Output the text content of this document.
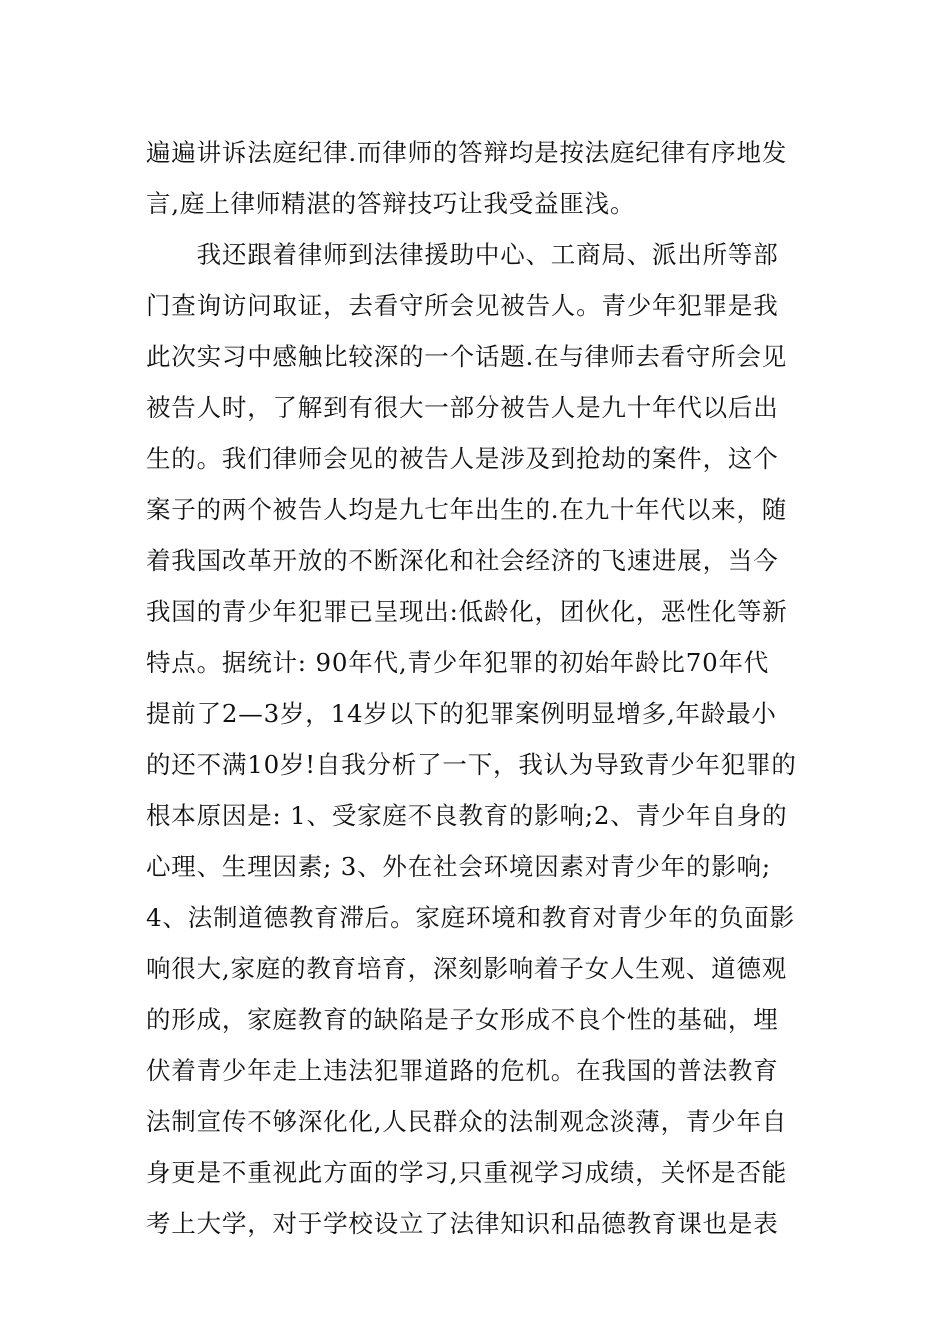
遍遍讲诉法庭纪律.而律师的答辩均是按法庭纪律有序地发
言,庭上律师精湛的答辩技巧让我受益匪浅。
　　我还跟着律师到法律援助中心、工商局、派出所等部
门查询访问取证，去看守所会见被告人。青少年犯罪是我
此次实习中感触比较深的一个话题.在与律师去看守所会见
被告人时，了解到有很大一部分被告人是九十年代以后出
生的。我们律师会见的被告人是涉及到抢劫的案件，这个
案子的两个被告人均是九七年出生的.在九十年代以来，随
着我国改革开放的不断深化和社会经济的飞速进展，当今
我国的青少年犯罪已呈现出:低龄化，团伙化，恶性化等新
特点。据统计: 90年代,青少年犯罪的初始年龄比70年代
提前了2—3岁，14岁以下的犯罪案例明显增多,年龄最小
的还不满10岁!自我分析了一下，我认为导致青少年犯罪的
根本原因是: 1、受家庭不良教育的影响;2、青少年自身的
心理、生理因素; 3、外在社会环境因素对青少年的影响;
4、法制道德教育滞后。家庭环境和教育对青少年的负面影
响很大,家庭的教育培育，深刻影响着子女人生观、道德观
的形成，家庭教育的缺陷是子女形成不良个性的基础，埋
伏着青少年走上违法犯罪道路的危机。在我国的普法教育
法制宣传不够深化化,人民群众的法制观念淡薄，青少年自
身更是不重视此方面的学习,只重视学习成绩，关怀是否能
考上大学，对于学校设立了法律知识和品德教育课也是表
